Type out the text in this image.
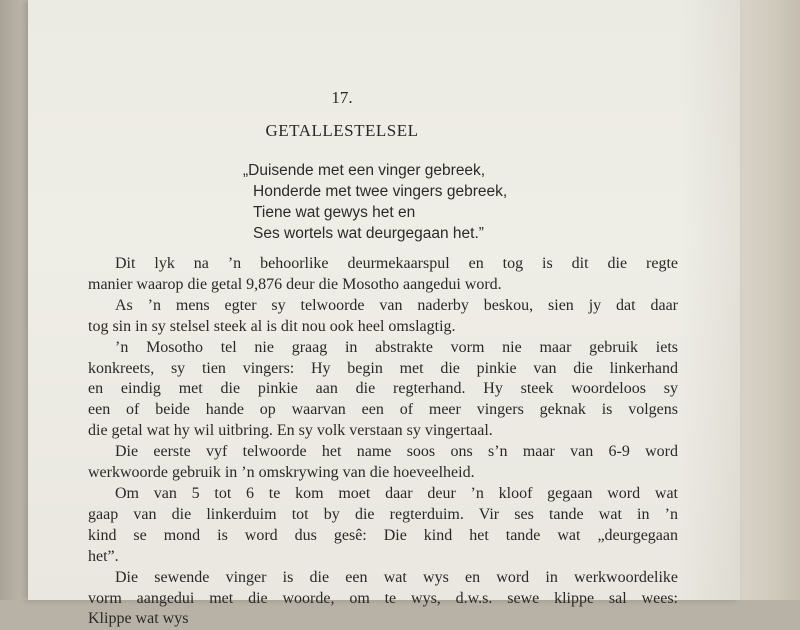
17.
GETALLESTELSEL
„Duisende met een vinger gebreek,
Honderde met twee vingers gebreek,
Tiene wat gewys het en
Ses wortels wat deurgegaan het.”
Dit lyk na ’n behoorlike deurmekaarspul en tog is dit die regte
manier waarop die getal 9,876 deur die Mosotho aangedui word.
As ’n mens egter sy telwoorde van naderby beskou, sien jy dat daar
tog sin in sy stelsel steek al is dit nou ook heel omslagtig.
’n Mosotho tel nie graag in abstrakte vorm nie maar gebruik iets
konkreets, sy tien vingers: Hy begin met die pinkie van die linkerhand
en eindig met die pinkie aan die regterhand. Hy steek woordeloos sy
een of beide hande op waarvan een of meer vingers geknak is volgens
die getal wat hy wil uitbring. En sy volk verstaan sy vingertaal.
Die eerste vyf telwoorde het name soos ons s’n maar van 6-9 word
werkwoorde gebruik in ’n omskrywing van die hoeveelheid.
Om van 5 tot 6 te kom moet daar deur ’n kloof gegaan word wat
gaap van die linkerduim tot by die regterduim. Vir ses tande wat in ’n
kind se mond is word dus gesê: Die kind het tande wat „deurgegaan
het”.
Die sewende vinger is die een wat wys en word in werkwoordelike
vorm aangedui met die woorde, om te wys, d.w.s. sewe klippe sal wees:
Klippe wat wys
